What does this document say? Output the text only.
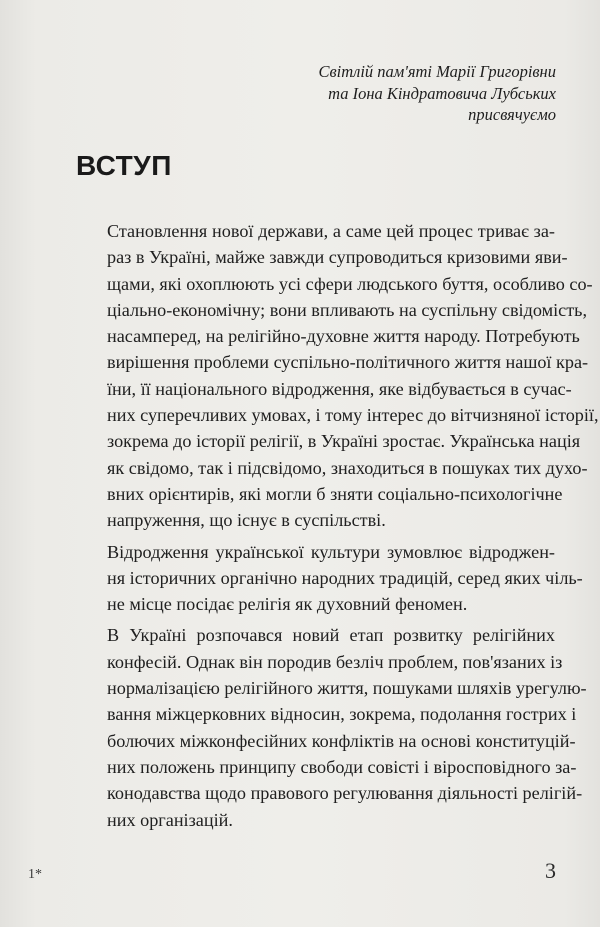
Світлій пам'яті Марії Григорівни
та Іона Кіндратовича Лубських
присвячуємо
ВСТУП

Становлення нової держави, а саме цей процес триває за-
раз в Україні, майже завжди супроводиться кризовими яви-
щами, які охоплюють усі сфери людського буття, особливо со-
ціально-економічну; вони впливають на суспільну свідомість,
насамперед, на релігійно-духовне життя народу. Потребують
вирішення проблеми суспільно-політичного життя нашої кра-
їни, її національного відродження, яке відбувається в сучас-
них суперечливих умовах, і тому інтерес до вітчизняної історії,
зокрема до історії релігії, в Україні зростає. Українська нація
як свідомо, так і підсвідомо, знаходиться в пошуках тих духо-
вних орієнтирів, які могли б зняти соціально-психологічне
напруження, що існує в суспільстві.

Відродження української культури зумовлює відроджен-
ня історичних органічно народних традицій, серед яких чіль-
не місце посідає релігія як духовний феномен.

В Україні розпочався новий етап розвитку релігійних
конфесій. Однак він породив безліч проблем, пов'язаних із
нормалізацією релігійного життя, пошуками шляхів урегулю-
вання міжцерковних відносин, зокрема, подолання гострих і
болючих міжконфесійних конфліктів на основі конституцій-
них положень принципу свободи совісті і віросповідного за-
конодавства щодо правового регулювання діяльності релігій-
них організацій.

1*	3
